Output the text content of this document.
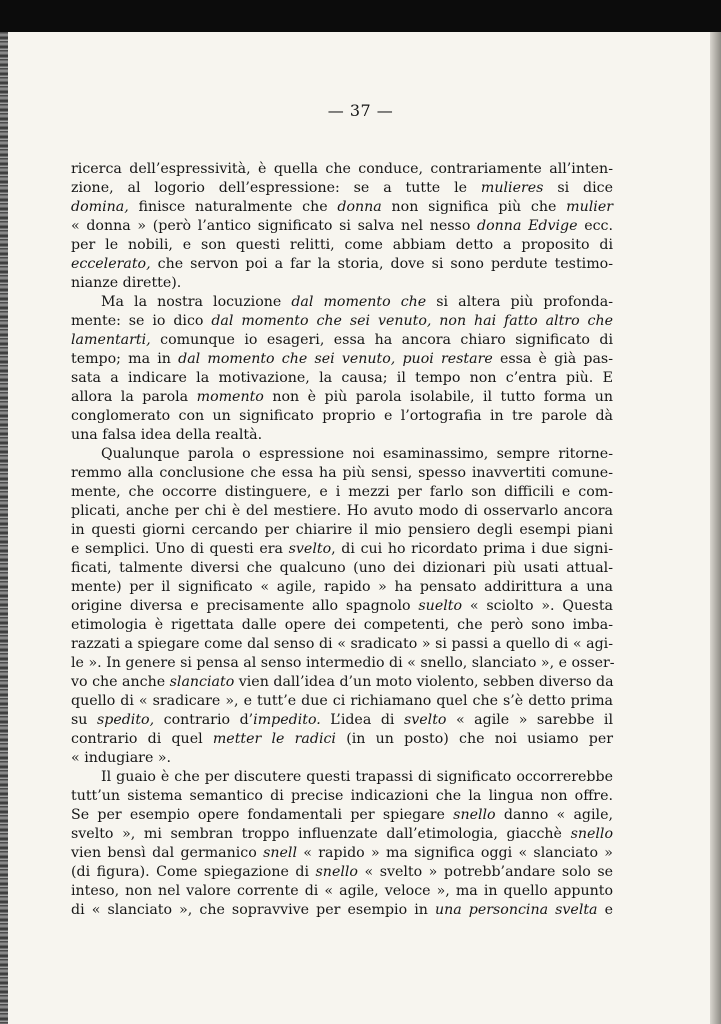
— 37 —

ricerca dell’espressività, è quella che conduce, contrariamente all’inten-
zione, al logorio dell’espressione: se a tutte le mulieres si dice
domina, finisce naturalmente che donna non significa più che mulier
« donna » (però l’antico significato si salva nel nesso donna Edvige ecc.
per le nobili, e son questi relitti, come abbiam detto a proposito di
eccelerato, che servon poi a far la storia, dove si sono perdute testimo-
nianze dirette).

Ma la nostra locuzione dal momento che si altera più profonda-
mente: se io dico dal momento che sei venuto, non hai fatto altro che
lamentarti, comunque io esageri, essa ha ancora chiaro significato di
tempo; ma in dal momento che sei venuto, puoi restare essa è già pas-
sata a indicare la motivazione, la causa; il tempo non c’entra più. E
allora la parola momento non è più parola isolabile, il tutto forma un
conglomerato con un significato proprio e l’ortografia in tre parole dà
una falsa idea della realtà.

Qualunque parola o espressione noi esaminassimo, sempre ritorne-
remmo alla conclusione che essa ha più sensi, spesso inavvertiti comune-
mente, che occorre distinguere, e i mezzi per farlo son difficili e com-
plicati, anche per chi è del mestiere. Ho avuto modo di osservarlo ancora
in questi giorni cercando per chiarire il mio pensiero degli esempi piani
e semplici. Uno di questi era svelto, di cui ho ricordato prima i due signi-
ficati, talmente diversi che qualcuno (uno dei dizionari più usati attual-
mente) per il significato « agile, rapido » ha pensato addirittura a una
origine diversa e precisamente allo spagnolo suelto « sciolto ». Questa
etimologia è rigettata dalle opere dei competenti, che però sono imba-
razzati a spiegare come dal senso di « sradicato » si passi a quello di « agi-
le ». In genere si pensa al senso intermedio di « snello, slanciato », e osser-
vo che anche slanciato vien dall’idea d’un moto violento, sebben diverso da
quello di « sradicare », e tutt’e due ci richiamano quel che s’è detto prima
su spedito, contrario d’impedito. L’idea di svelto « agile » sarebbe il
contrario di quel metter le radici (in un posto) che noi usiamo per
« indugiare ».

Il guaio è che per discutere questi trapassi di significato occorrerebbe
tutt’un sistema semantico di precise indicazioni che la lingua non offre.
Se per esempio opere fondamentali per spiegare snello danno « agile,
svelto », mi sembran troppo influenzate dall’etimologia, giacchè snello
vien bensì dal germanico snell « rapido » ma significa oggi « slanciato »
(di figura). Come spiegazione di snello « svelto » potrebb’andare solo se
inteso, non nel valore corrente di « agile, veloce », ma in quello appunto
di « slanciato », che sopravvive per esempio in una personcina svelta e
